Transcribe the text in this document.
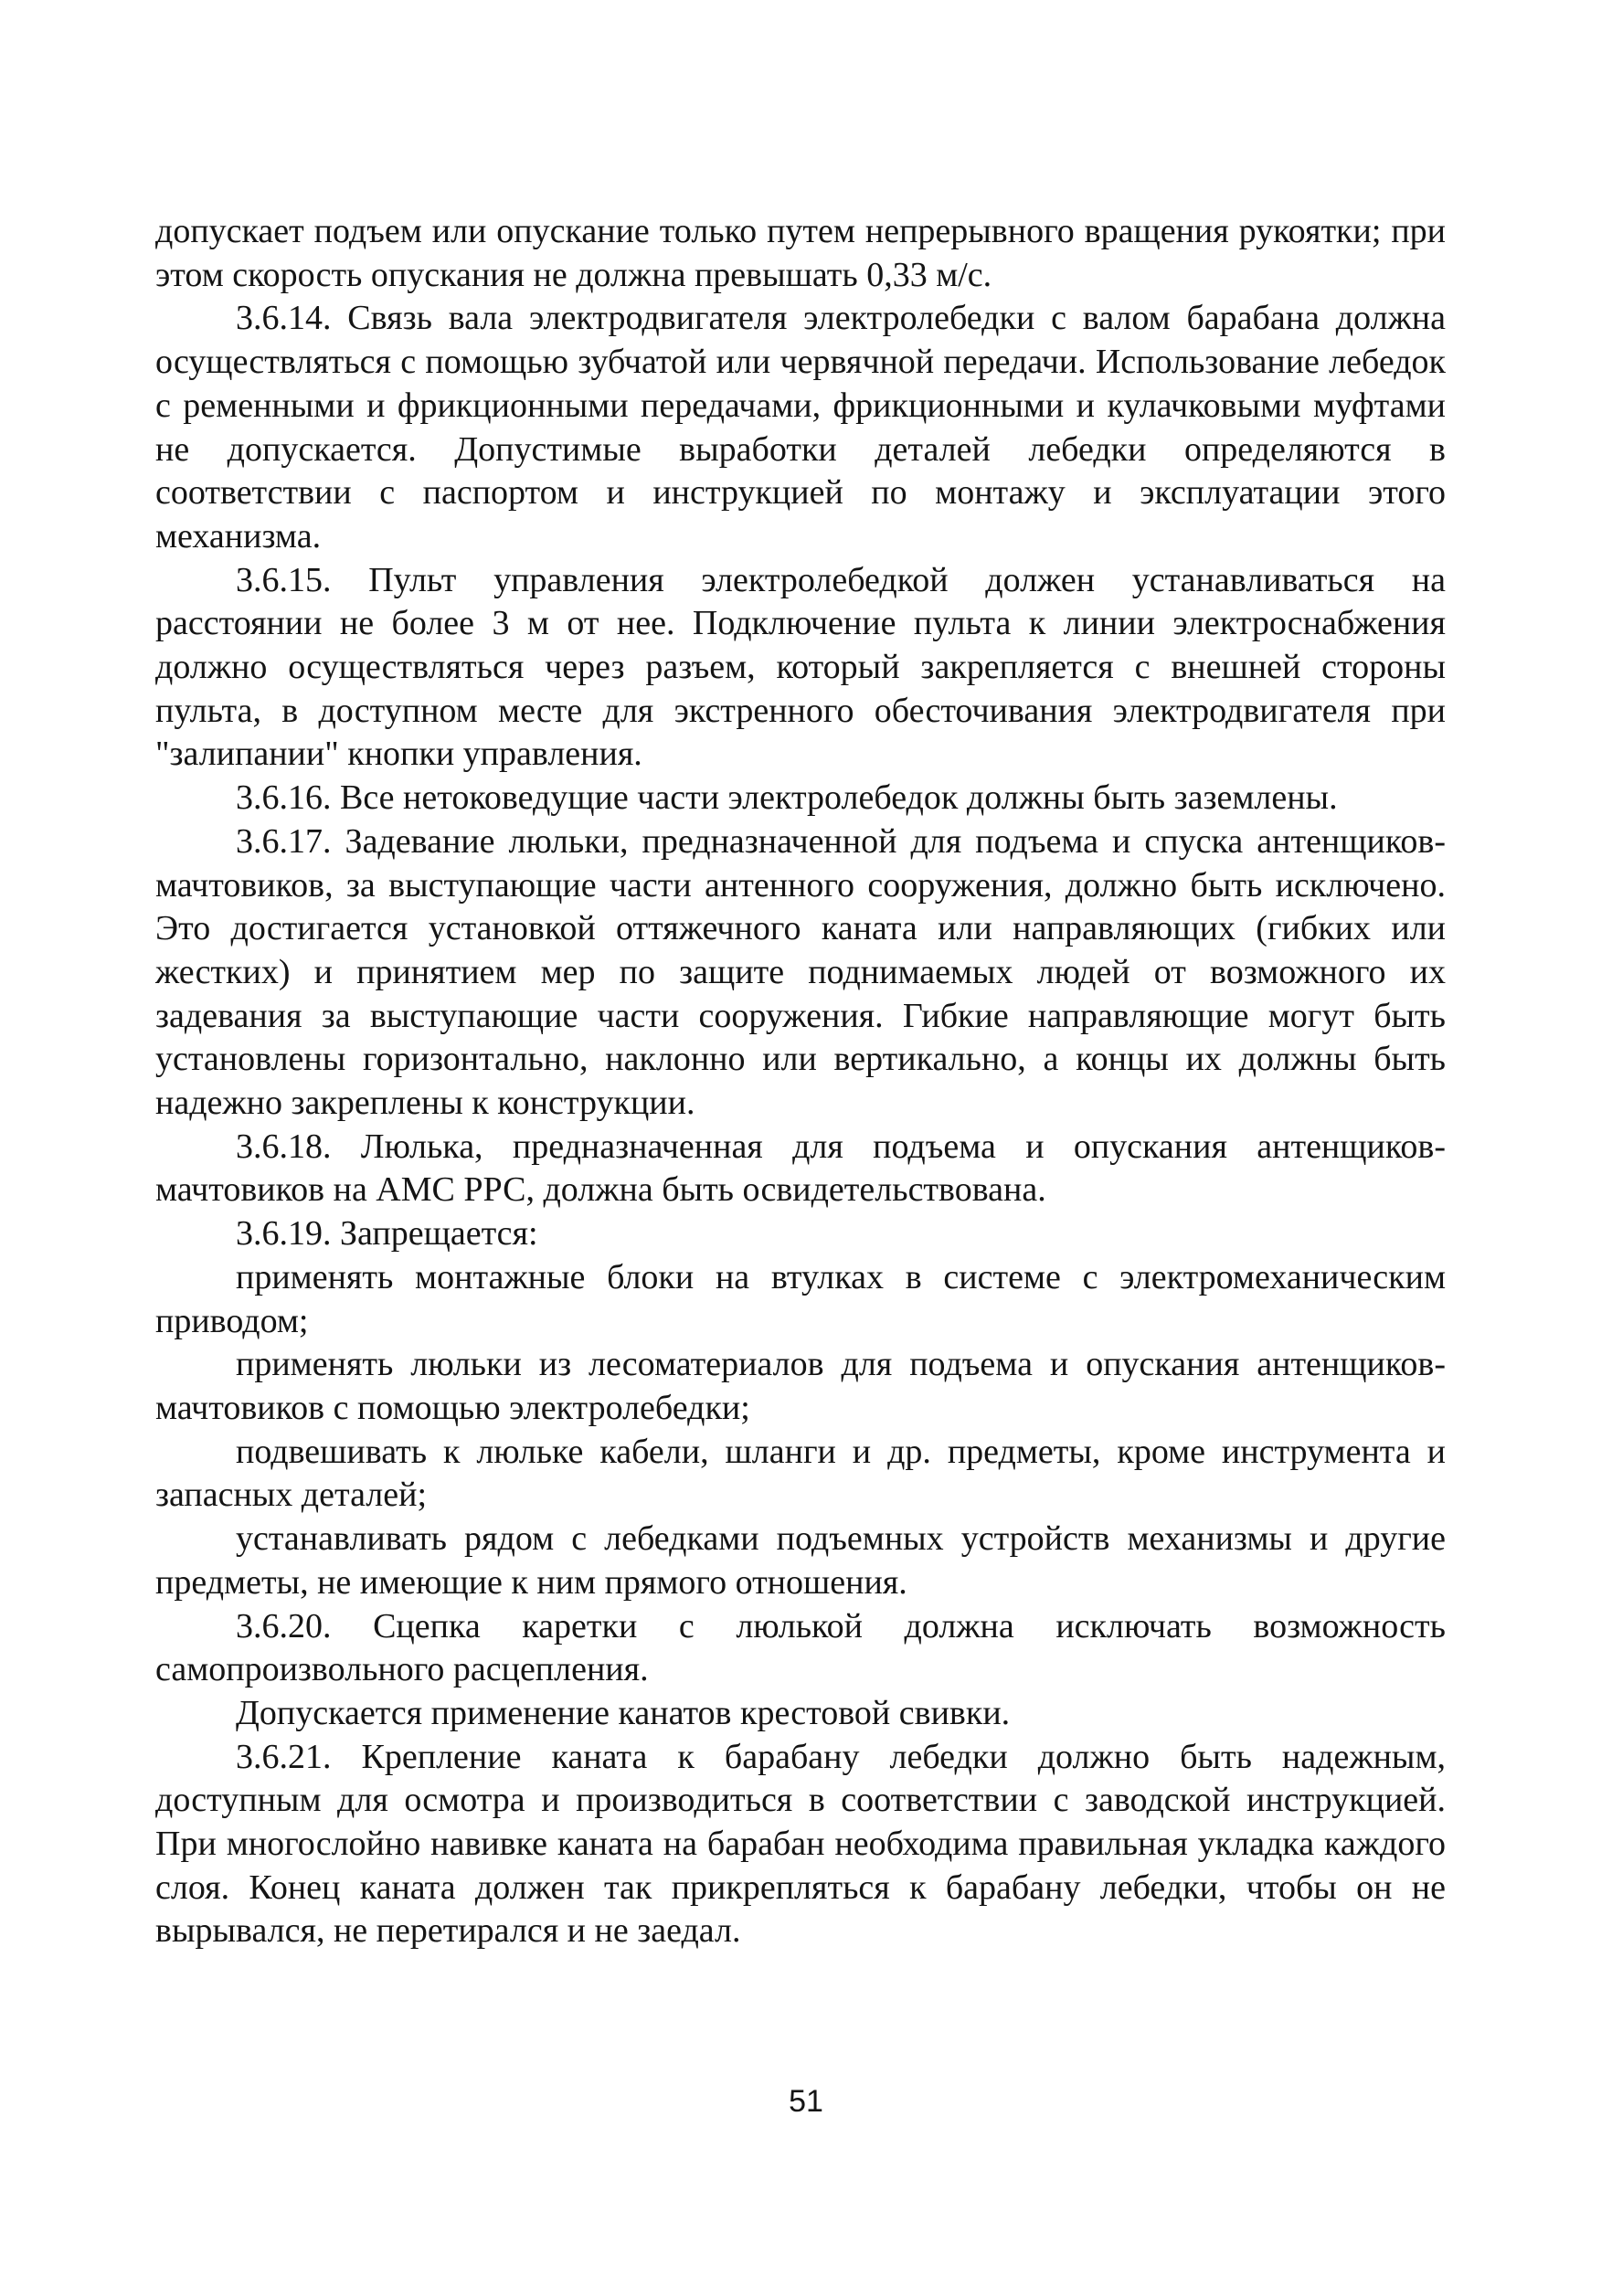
допускает подъем или опускание только путем непрерывного вращения рукоятки; при этом скорость опускания не должна превышать 0,33 м/с.

3.6.14. Связь вала электродвигателя электролебедки с валом барабана должна осуществляться с помощью зубчатой или червячной передачи. Использование лебедок с ременными и фрикционными передачами, фрикционными и кулачковыми муфтами не допускается. Допустимые выработки деталей лебедки определяются в соответствии с паспортом и инструкцией по монтажу и эксплуатации этого механизма.

3.6.15. Пульт управления электролебедкой должен устанавливаться на расстоянии не более 3 м от нее. Подключение пульта к линии электроснабжения должно осуществляться через разъем, который закрепляется с внешней стороны пульта, в доступном месте для экстренного обесточивания электродвигателя при "залипании" кнопки управления.

3.6.16. Все нетоковедущие части электролебедок должны быть заземлены.

3.6.17. Задевание люльки, предназначенной для подъема и спуска антенщиков-мачтовиков, за выступающие части антенного сооружения, должно быть исключено. Это достигается установкой оттяжечного каната или направляющих (гибких или жестких) и принятием мер по защите поднимаемых людей от возможного их задевания за выступающие части сооружения. Гибкие направляющие могут быть установлены горизонтально, наклонно или вертикально, а концы их должны быть надежно закреплены к конструкции.

3.6.18. Люлька, предназначенная для подъема и опускания антенщиков-мачтовиков на АМС РРС, должна быть освидетельствована.

3.6.19. Запрещается:

применять монтажные блоки на втулках в системе с электромеханическим приводом;

применять люльки из лесоматериалов для подъема и опускания антенщиков-мачтовиков с помощью электролебедки;

подвешивать к люльке кабели, шланги и др. предметы, кроме инструмента и запасных деталей;

устанавливать рядом с лебедками подъемных устройств механизмы и другие предметы, не имеющие к ним прямого отношения.

3.6.20. Сцепка каретки с люлькой должна исключать возможность самопроизвольного расцепления.

Допускается применение канатов крестовой свивки.

3.6.21. Крепление каната к барабану лебедки должно быть надежным, доступным для осмотра и производиться в соответствии с заводской инструкцией. При многослойно навивке каната на барабан необходима правильная укладка каждого слоя. Конец каната должен так прикрепляться к барабану лебедки, чтобы он не вырывался, не перетирался и не заедал.

51
